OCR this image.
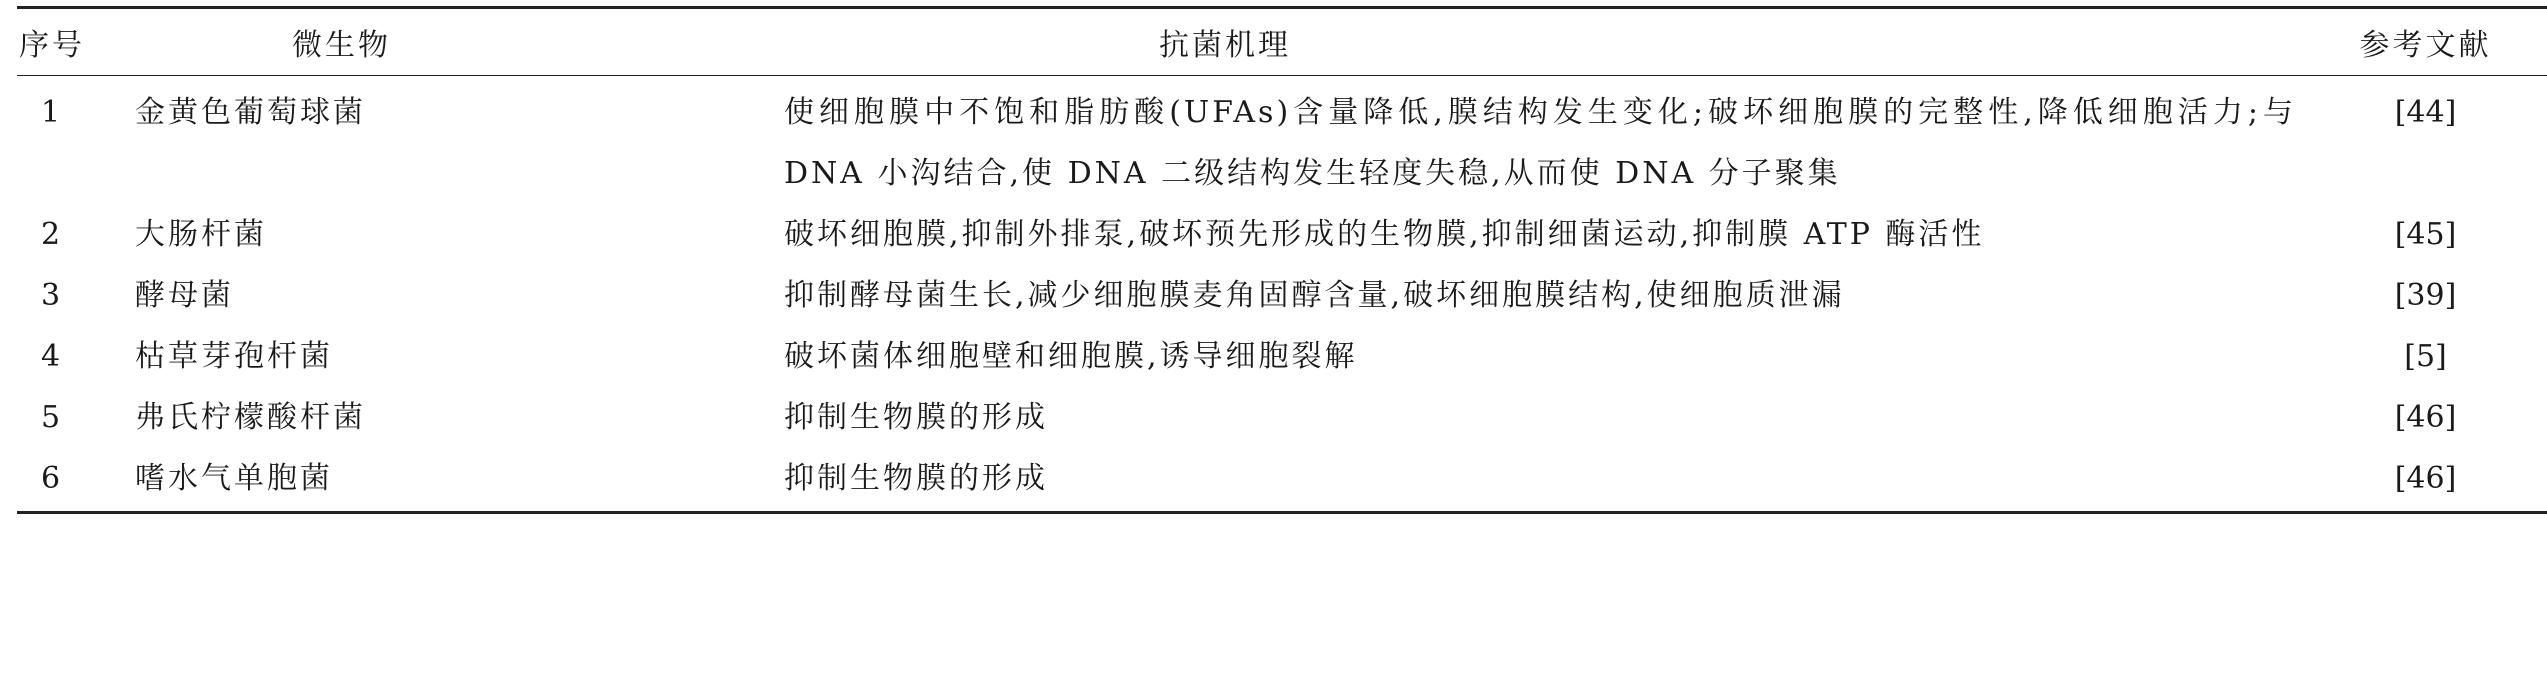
序号	微生物	抗菌机理	参考文献
1	金黄色葡萄球菌	使细胞膜中不饱和脂肪酸(UFAs)含量降低,膜结构发生变化;破坏细胞膜的完整性,降低细胞活力;与 DNA 小沟结合,使 DNA 二级结构发生轻度失稳,从而使 DNA 分子聚集	[44]
2	大肠杆菌	破坏细胞膜,抑制外排泵,破坏预先形成的生物膜,抑制细菌运动,抑制膜 ATP 酶活性	[45]
3	酵母菌	抑制酵母菌生长,减少细胞膜麦角固醇含量,破坏细胞膜结构,使细胞质泄漏	[39]
4	枯草芽孢杆菌	破坏菌体细胞壁和细胞膜,诱导细胞裂解	[5]
5	弗氏柠檬酸杆菌	抑制生物膜的形成	[46]
6	嗜水气单胞菌	抑制生物膜的形成	[46]
